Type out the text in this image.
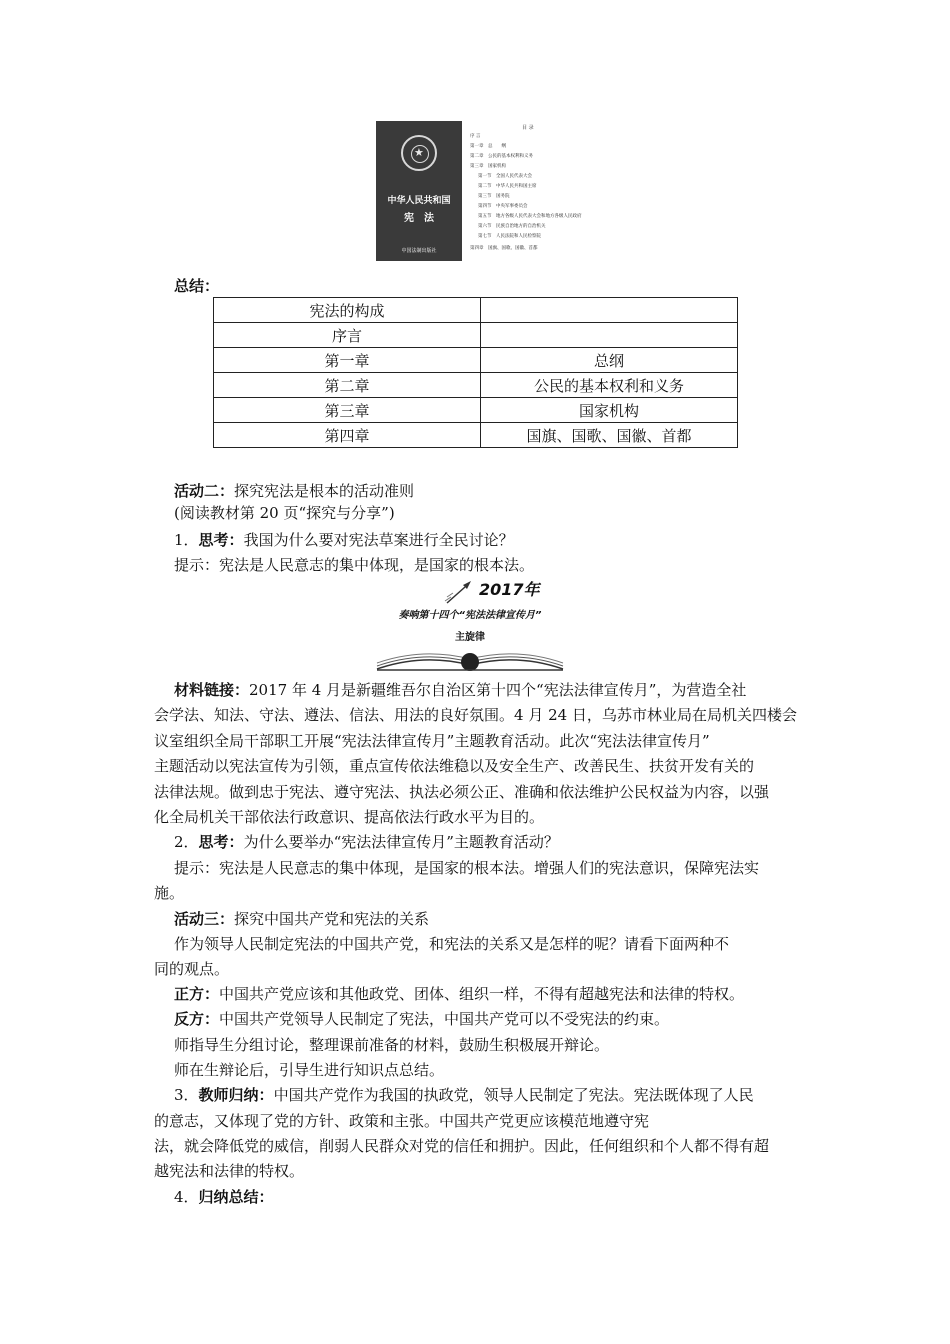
★
中华人民共和国
宪　法
中国法制出版社
目 录
序 言
第一章　总　　纲
第二章　公民的基本权利和义务
第三章　国家机构
第一节　全国人民代表大会
第二节　中华人民共和国主席
第三节　国务院
第四节　中央军事委员会
第五节　地方各级人民代表大会和地方各级人民政府
第六节　民族自治地方的自治机关
第七节　人民法院和人民检察院
第四章　国旗、国歌、国徽、首都
总结：
宪法的构成	
序言	
第一章	总纲
第二章	公民的基本权利和义务
第三章	国家机构
第四章	国旗、国歌、国徽、首都
活动二：探究宪法是根本的活动准则
(阅读教材第 20 页“探究与分享”)
1．思考：我国为什么要对宪法草案进行全民讨论？
提示：宪法是人民意志的集中体现，是国家的根本法。
2017年
奏响第十四个“宪法法律宣传月”
主旋律
材料链接：2017 年 4 月是新疆维吾尔自治区第十四个“宪法法律宣传月”，为营造全社
会学法、知法、守法、遵法、信法、用法的良好氛围。4 月 24 日，乌苏市林业局在局机关四楼会
议室组织全局干部职工开展“宪法法律宣传月”主题教育活动。此次“宪法法律宣传月”
主题活动以宪法宣传为引领，重点宣传依法维稳以及安全生产、改善民生、扶贫开发有关的
法律法规。做到忠于宪法、遵守宪法、执法必须公正、准确和依法维护公民权益为内容，以强
化全局机关干部依法行政意识、提高依法行政水平为目的。
2．思考：为什么要举办“宪法法律宣传月”主题教育活动？
提示：宪法是人民意志的集中体现，是国家的根本法。增强人们的宪法意识，保障宪法实
施。
活动三：探究中国共产党和宪法的关系
作为领导人民制定宪法的中国共产党，和宪法的关系又是怎样的呢？请看下面两种不
同的观点。
正方：中国共产党应该和其他政党、团体、组织一样，不得有超越宪法和法律的特权。
反方：中国共产党领导人民制定了宪法，中国共产党可以不受宪法的约束。
师指导生分组讨论，整理课前准备的材料，鼓励生积极展开辩论。
师在生辩论后，引导生进行知识点总结。
3．教师归纳：中国共产党作为我国的执政党，领导人民制定了宪法。宪法既体现了人民
的意志，又体现了党的方针、政策和主张。中国共产党更应该模范地遵守宪
法，就会降低党的威信，削弱人民群众对党的信任和拥护。因此，任何组织和个人都不得有超
越宪法和法律的特权。
4．归纳总结：
